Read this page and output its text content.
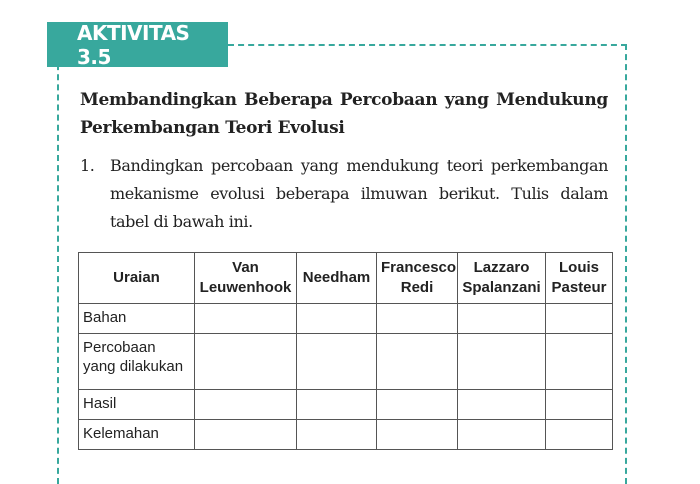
AKTIVITAS 3.5
Membandingkan Beberapa Percobaan yang Mendukung Perkembangan Teori Evolusi
1. Bandingkan percobaan yang mendukung teori perkembangan mekanisme evolusi beberapa ilmuwan berikut. Tulis dalam tabel di bawah ini.
Uraian	Van Leuwenhook	Needham	Francesco Redi	Lazzaro Spalanzani	Louis Pasteur
Bahan					
Percobaan yang dilakukan					
Hasil					
Kelemahan					
